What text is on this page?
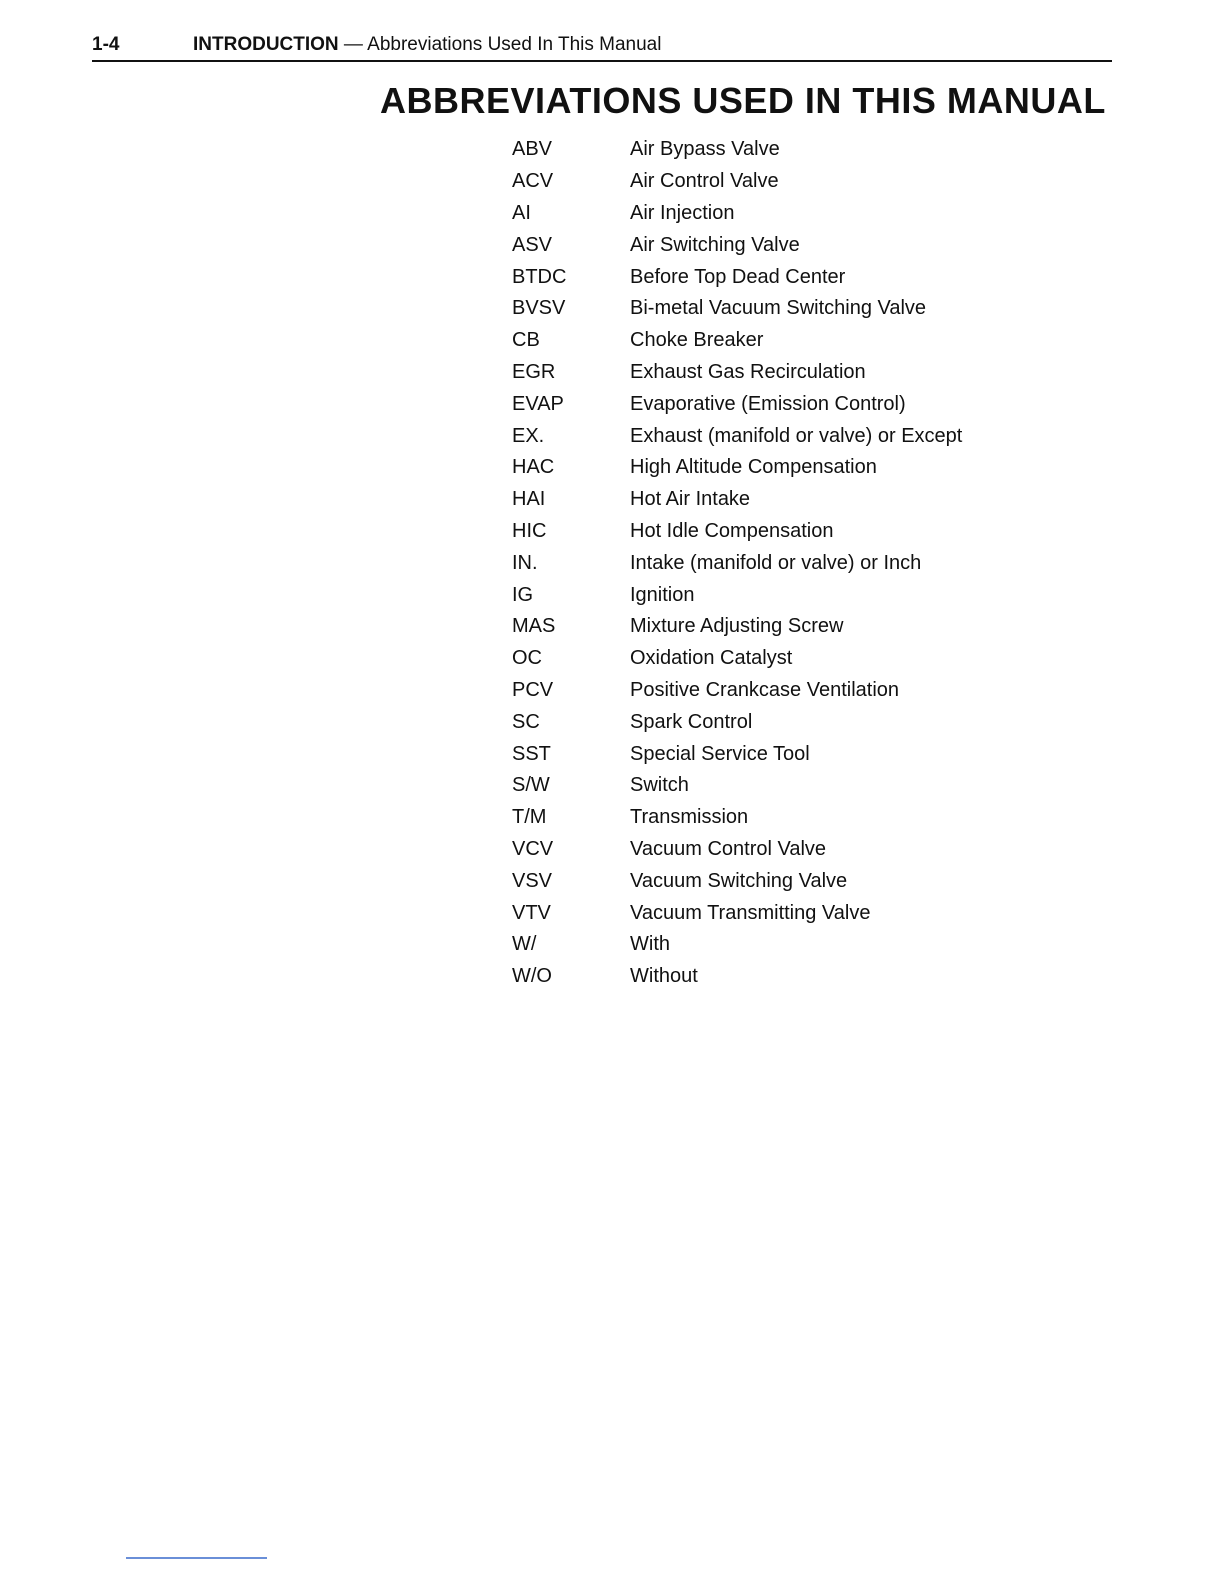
1-4	INTRODUCTION — Abbreviations Used In This Manual
ABBREVIATIONS USED IN THIS MANUAL
ABV	Air Bypass Valve
ACV	Air Control Valve
AI	Air Injection
ASV	Air Switching Valve
BTDC	Before Top Dead Center
BVSV	Bi-metal Vacuum Switching Valve
CB	Choke Breaker
EGR	Exhaust Gas Recirculation
EVAP	Evaporative (Emission Control)
EX.	Exhaust (manifold or valve) or Except
HAC	High Altitude Compensation
HAI	Hot Air Intake
HIC	Hot Idle Compensation
IN.	Intake (manifold or valve) or Inch
IG	Ignition
MAS	Mixture Adjusting Screw
OC	Oxidation Catalyst
PCV	Positive Crankcase Ventilation
SC	Spark Control
SST	Special Service Tool
S/W	Switch
T/M	Transmission
VCV	Vacuum Control Valve
VSV	Vacuum Switching Valve
VTV	Vacuum Transmitting Valve
W/	With
W/O	Without
